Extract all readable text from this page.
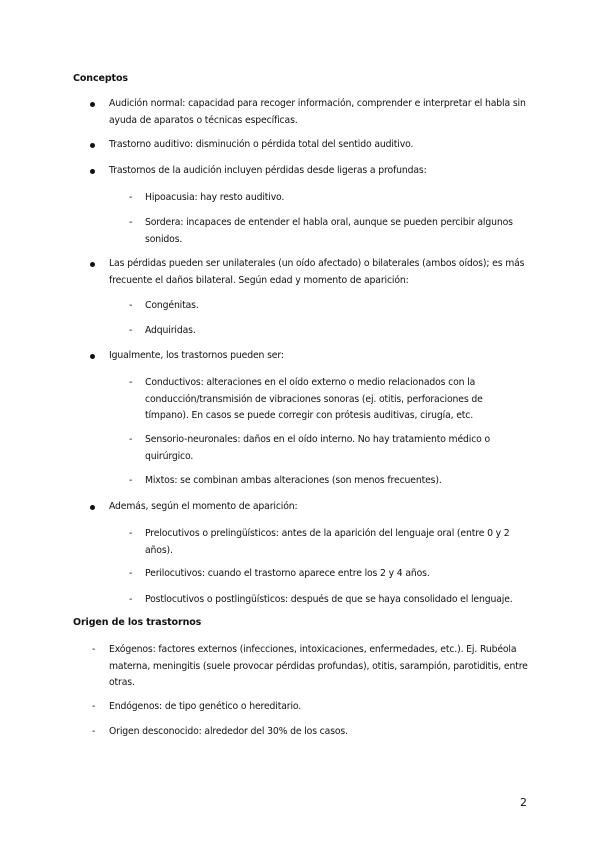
Conceptos
Audición normal: capacidad para recoger información, comprender e interpretar el habla sin ayuda de aparatos o técnicas específicas.
Trastorno auditivo: disminución o pérdida total del sentido auditivo.
Trastornos de la audición incluyen pérdidas desde ligeras a profundas:
- Hipoacusia: hay resto auditivo.
- Sordera: incapaces de entender el habla oral, aunque se pueden percibir algunos sonidos.
Las pérdidas pueden ser unilaterales (un oído afectado) o bilaterales (ambos oídos); es más frecuente el daños bilateral. Según edad y momento de aparición:
- Congénitas.
- Adquiridas.
Igualmente, los trastornos pueden ser:
- Conductivos: alteraciones en el oído externo o medio relacionados con la conducción/transmisión de vibraciones sonoras (ej. otitis, perforaciones de tímpano). En casos se puede corregir con prótesis auditivas, cirugía, etc.
- Sensorio-neuronales: daños en el oído interno. No hay tratamiento médico o quirúrgico.
- Mixtos: se combinan ambas alteraciones (son menos frecuentes).
Además, según el momento de aparición:
- Prelocutivos o prelingüísticos: antes de la aparición del lenguaje oral (entre 0 y 2 años).
- Perilocutivos: cuando el trastorno aparece entre los 2 y 4 años.
- Postlocutivos o postlingüísticos: después de que se haya consolidado el lenguaje.
Origen de los trastornos
- Exógenos: factores externos (infecciones, intoxicaciones, enfermedades, etc.). Ej. Rubéola materna, meningitis (suele provocar pérdidas profundas), otitis, sarampión, parotiditis, entre otras.
- Endógenos: de tipo genético o hereditario.
- Origen desconocido: alrededor del 30% de los casos.
2
